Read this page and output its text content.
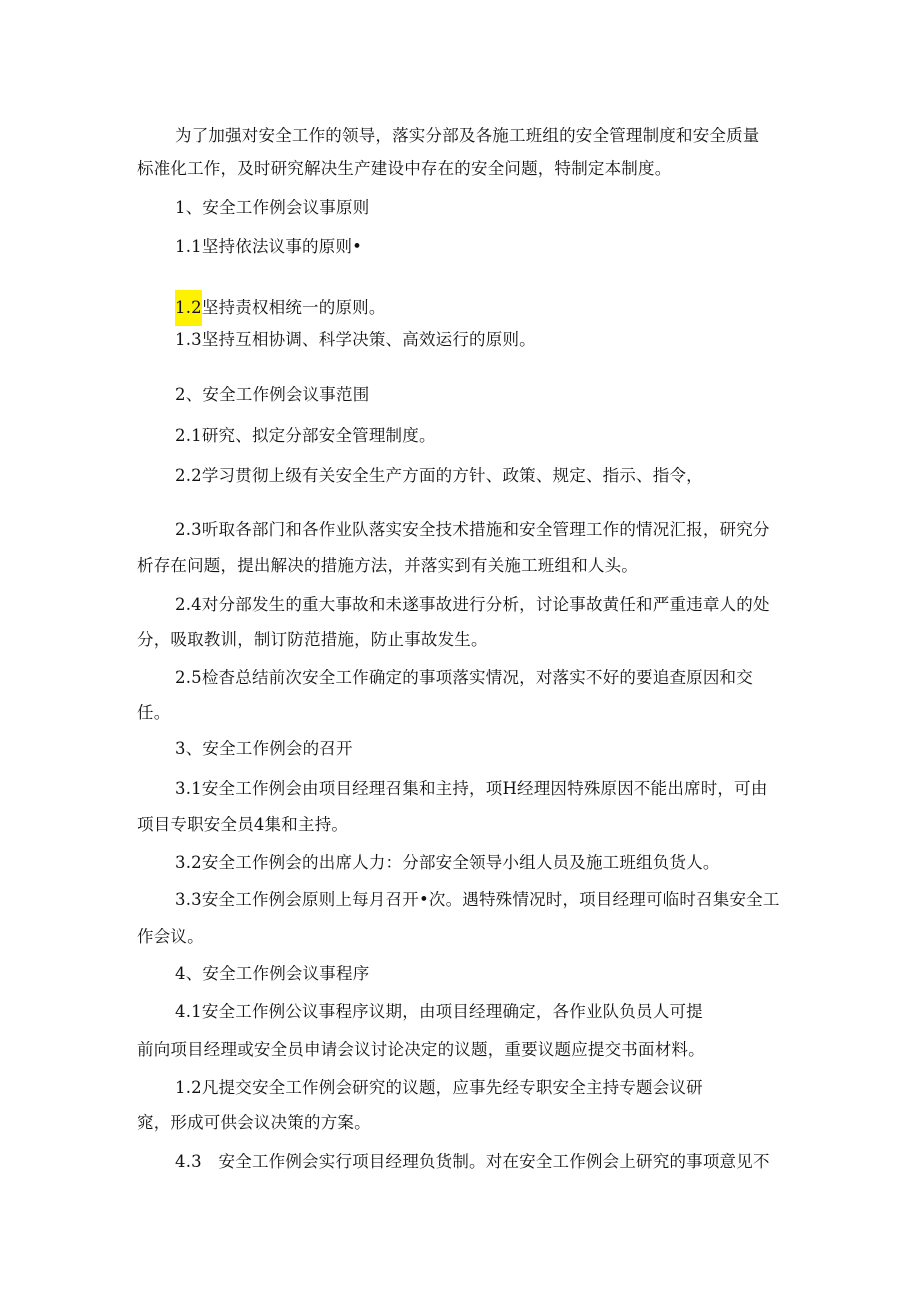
为了加强对安全工作的领导，落实分部及各施工班组的安全管理制度和安全质量
标准化工作，及时研究解决生产建设中存在的安全问题，特制定本制度。
1、安全工作例会议事原则
1.1坚持依法议事的原则•
1.2坚持责权相统一的原则。
1.3坚持互相协调、科学决策、高效运行的原则。
2、安全工作例会议事范围
2.1研究、拟定分部安全管理制度。
2.2学习贯彻上级有关安全生产方面的方针、政策、规定、指示、指令，
2.3听取各部门和各作业队落实安全技术措施和安全管理工作的情况汇报，研究分
析存在问题，提出解决的措施方法，并落实到有关施工班组和人头。
2.4对分部发生的重大事故和未遂事故进行分析，讨论事故黄任和严重违章人的处
分，吸取教训，制订防范措施，防止事故发生。
2.5检杳总结前次安全工作确定的事项落实情况，对落实不好的要追查原因和交
任。
3、安全工作例会的召开
3.1安全工作例会由项目经理召集和主持，项H经理因特殊原因不能出席时，可由
项目专职安全员4集和主持。
3.2安全工作例会的出席人力：分部安全领导小组人员及施工班组负货人。
3.3安全工作例会原则上每月召开•次。遇特殊情况时，项目经理可临时召集安全工
作会议。
4、安全工作例会议事程序
4.1安全工作例公议事程序议期，由项目经理确定，各作业队负员人可提
前向项目经理或安全员申请会议讨论决定的议题，重要议题应提交书面材料。
1.2凡提交安全工作例会研究的议题，应事先经专职安全主持专题会议研
窕，形成可供会议决策的方案。
4.3　安全工作例会实行项目经理负货制。对在安全工作例会上研究的事项意见不
